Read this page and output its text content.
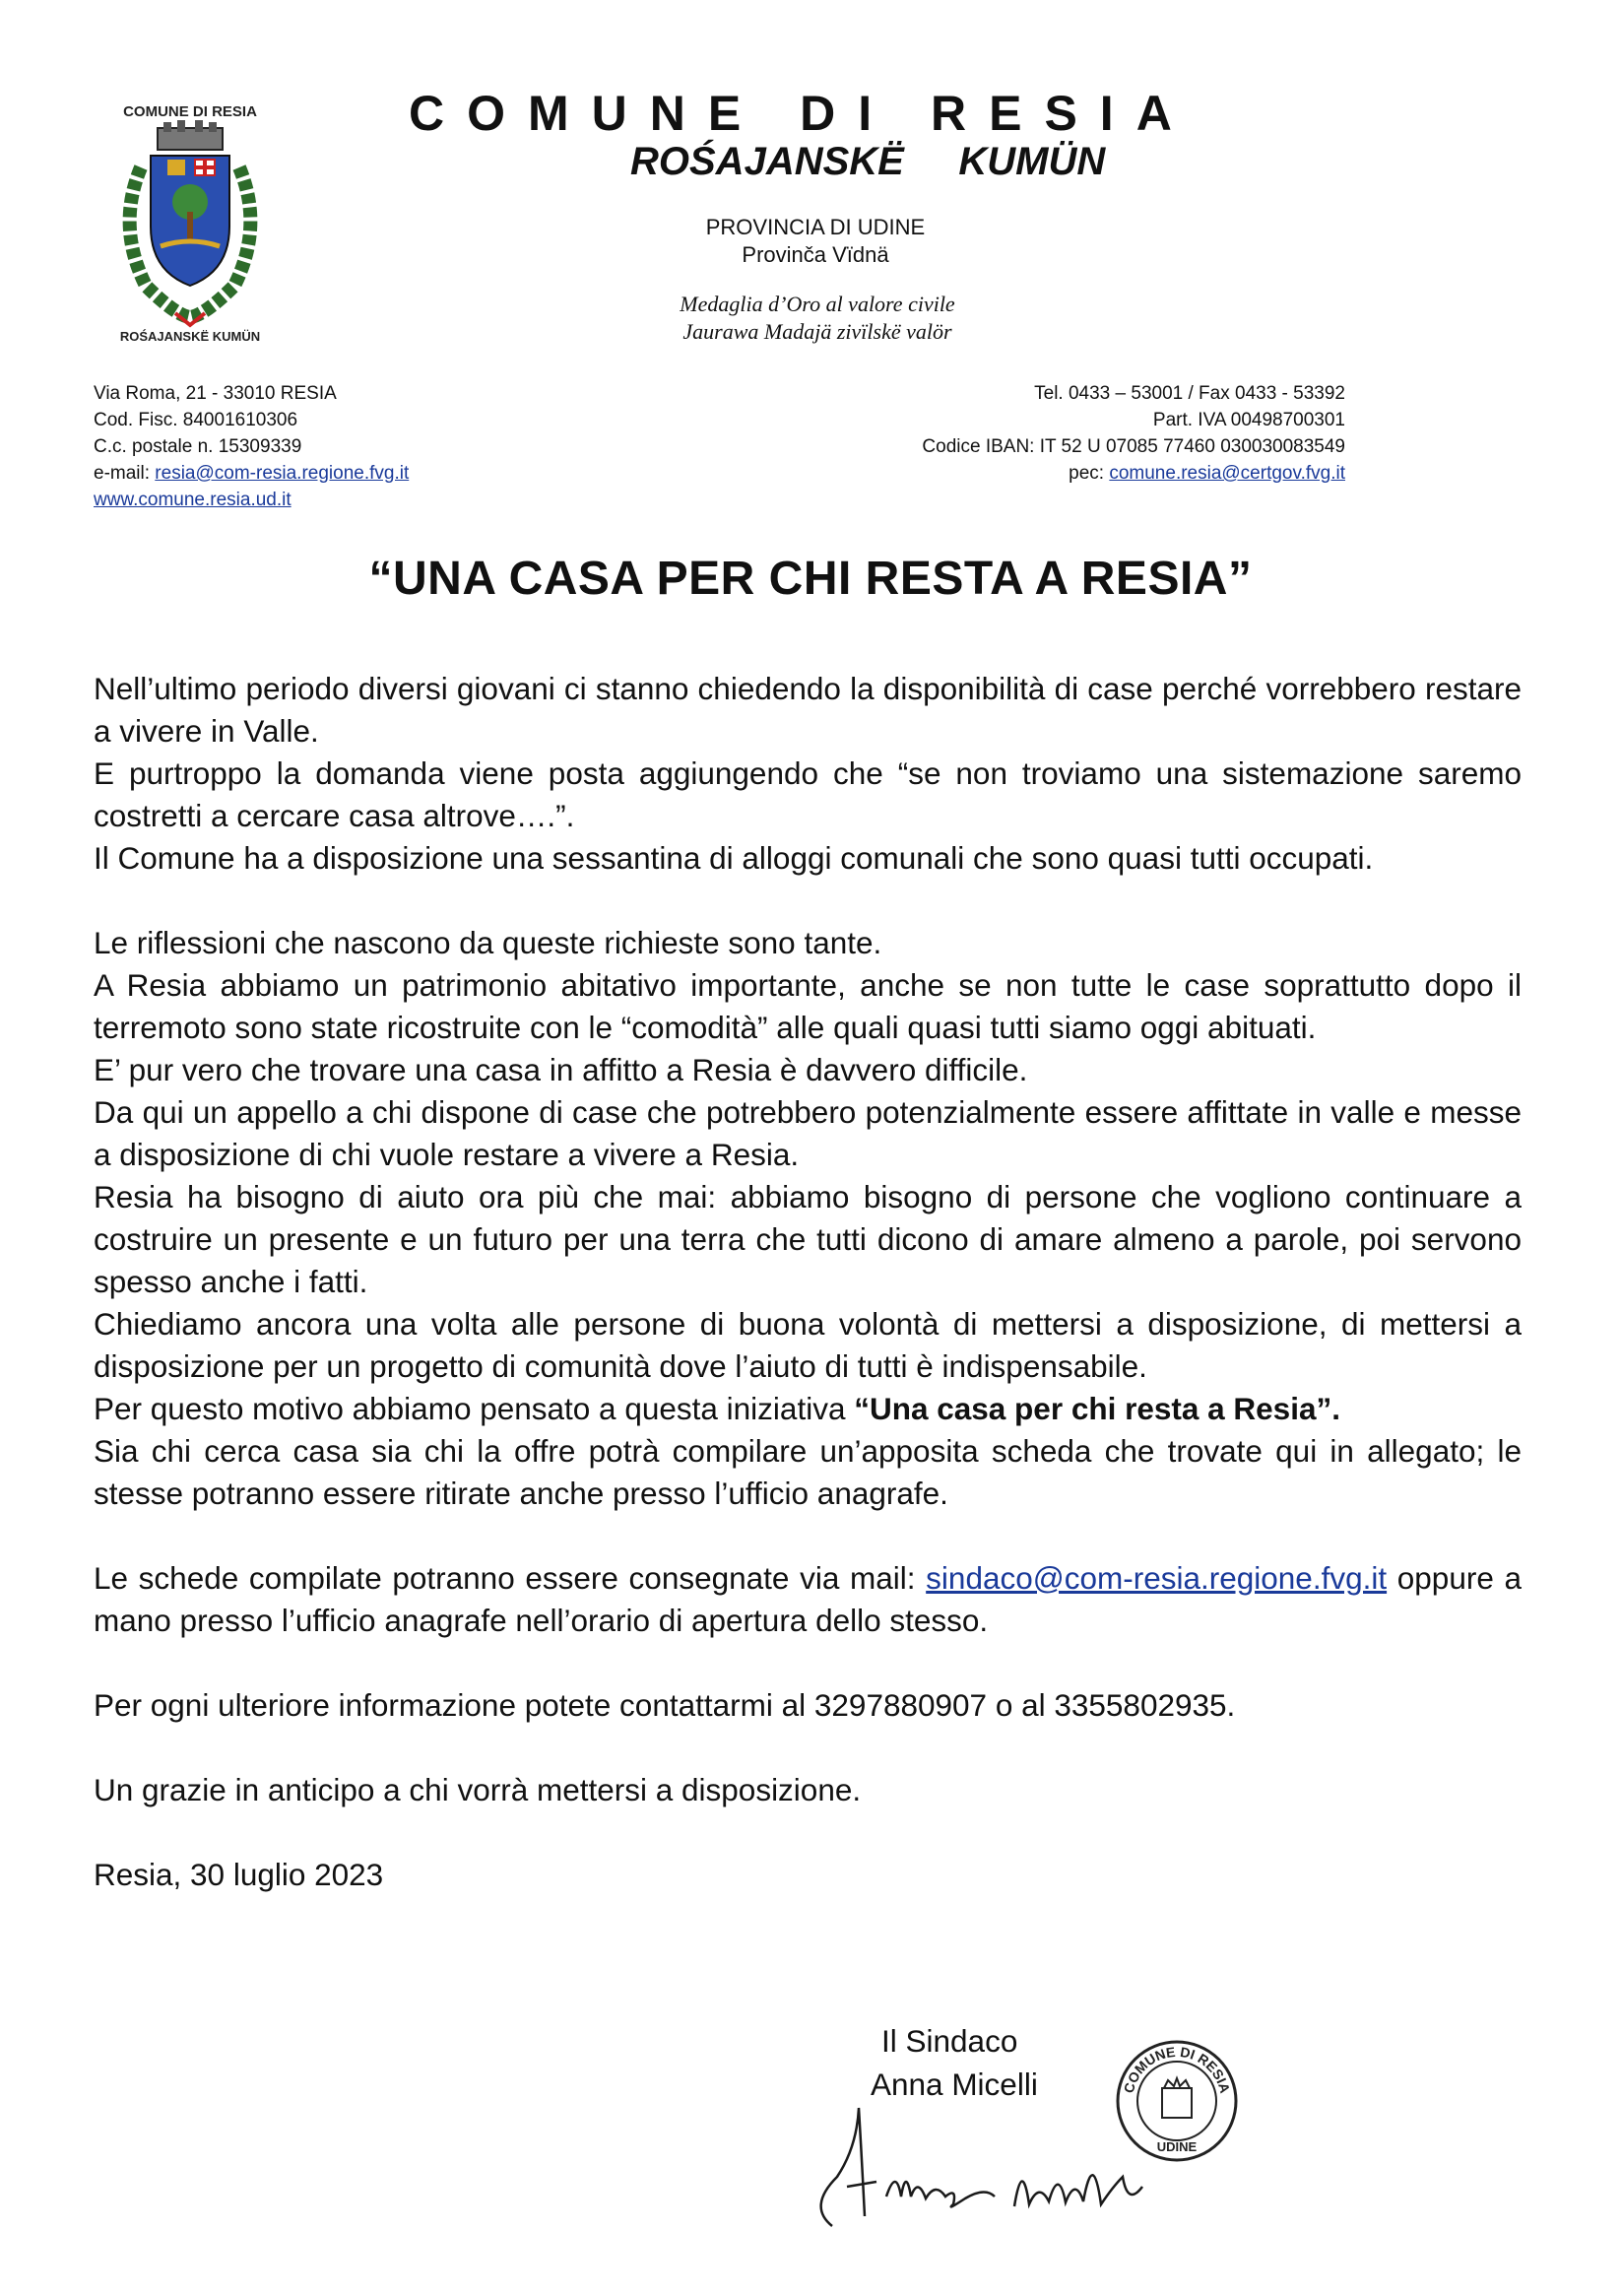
COMUNE DI RESIA
ROŚAJANSKË KUMÜN
COMUNE DI RESIA
ROŚAJANSKË     KUMÜN
PROVINCIA DI UDINE
Provinča Vïdnä
Medaglia d’Oro al valore civile
Jaurawa Madajä zivïlskë valör
Via Roma, 21 - 33010 RESIA
Cod. Fisc. 84001610306
C.c. postale n. 15309339
e-mail: resia@com-resia.regione.fvg.it
www.comune.resia.ud.it
Tel. 0433 – 53001 / Fax 0433 - 53392
Part. IVA 00498700301
Codice IBAN: IT 52 U 07085 77460 030030083549
pec: comune.resia@certgov.fvg.it
“UNA CASA PER CHI RESTA A RESIA”

Nell’ultimo periodo diversi giovani ci stanno chiedendo la disponibilità di case perché vorrebbero restare a vivere in Valle.

E purtroppo la domanda viene posta aggiungendo che “se non troviamo una sistemazione saremo costretti a cercare casa altrove….”.

Il Comune ha a disposizione una sessantina di alloggi comunali che sono quasi tutti occupati.

Le riflessioni che nascono da queste richieste sono tante.

A Resia abbiamo un patrimonio abitativo importante, anche se non tutte le case soprattutto dopo il terremoto sono state ricostruite con le “comodità” alle quali quasi tutti siamo oggi abituati.

E’ pur vero che trovare una casa in affitto a Resia è davvero difficile.

Da qui un appello a chi dispone di case che potrebbero potenzialmente essere affittate in valle e messe a disposizione di chi vuole restare a vivere a Resia.

Resia ha bisogno di aiuto ora più che mai: abbiamo bisogno di persone che vogliono continuare a costruire un presente e un futuro per una terra che tutti dicono di amare almeno a parole, poi servono spesso anche i fatti.

Chiediamo ancora una volta alle persone di buona volontà di mettersi a disposizione, di mettersi a disposizione per un progetto di comunità dove l’aiuto di tutti è indispensabile.

Per questo motivo abbiamo pensato a questa iniziativa “Una casa per chi resta a Resia”.

Sia chi cerca casa sia chi la offre potrà compilare un’apposita scheda che trovate qui in allegato; le stesse potranno essere ritirate anche presso l’ufficio anagrafe.

Le schede compilate potranno essere consegnate via mail: sindaco@com-resia.regione.fvg.it oppure a mano presso l’ufficio anagrafe nell’orario di apertura dello stesso.

Per ogni ulteriore informazione potete contattarmi al 3297880907 o al 3355802935.

Un grazie in anticipo a chi vorrà mettersi a disposizione.

Resia, 30 luglio 2023

Il Sindaco
Anna Micelli	COMUNE DI RESIA
UDINE
